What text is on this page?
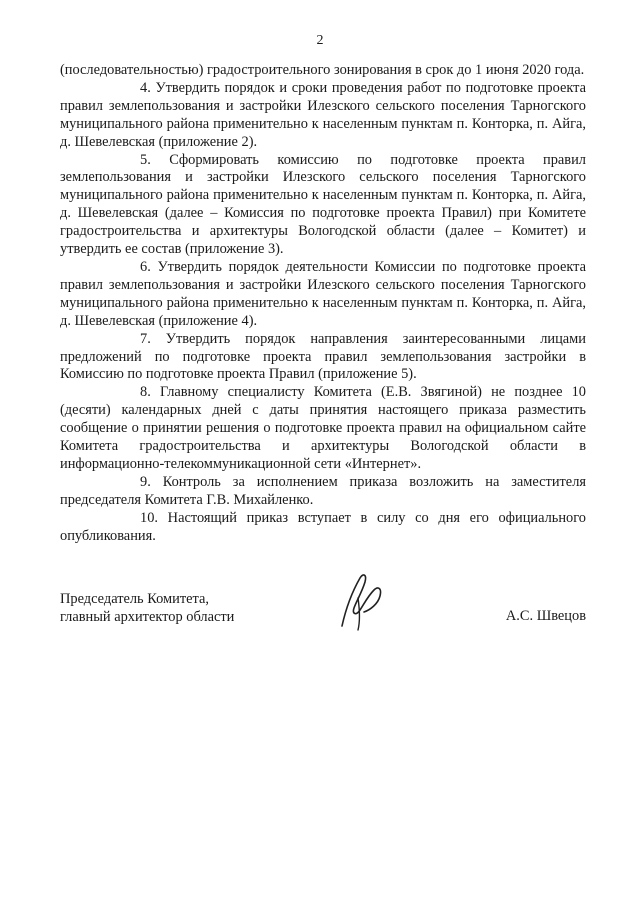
2

(последовательностью) градостроительного зонирования в срок до 1 июня 2020 года.

4. Утвердить порядок и сроки проведения работ по подготовке проекта правил землепользования и застройки Илезского сельского поселения Тарногского муниципального района применительно к населенным пунктам п. Конторка, п. Айга, д. Шевелевская (приложение 2).

5. Сформировать комиссию по подготовке проекта правил землепользования и застройки Илезского сельского поселения Тарногского муниципального района применительно к населенным пунктам п. Конторка, п. Айга, д. Шевелевская (далее – Комиссия по подготовке проекта Правил) при Комитете градостроительства и архитектуры Вологодской области (далее – Комитет) и утвердить ее состав (приложение 3).

6. Утвердить порядок деятельности Комиссии по подготовке проекта правил землепользования и застройки Илезского сельского поселения Тарногского муниципального района применительно к населенным пунктам п. Конторка, п. Айга, д. Шевелевская (приложение 4).

7. Утвердить порядок направления заинтересованными лицами предложений по подготовке проекта правил землепользования застройки в Комиссию по подготовке проекта Правил (приложение 5).

8. Главному специалисту Комитета (Е.В. Звягиной) не позднее 10 (десяти) календарных дней с даты принятия настоящего приказа разместить сообщение о принятии решения о подготовке проекта правил на официальном сайте Комитета градостроительства и архитектуры Вологодской области в информационно-телекоммуникационной сети «Интернет».

9. Контроль за исполнением приказа возложить на заместителя председателя Комитета Г.В. Михайленко.

10. Настоящий приказ вступает в силу со дня его официального опубликования.

Председатель Комитета,
главный архитектор области	А.С. Швецов
